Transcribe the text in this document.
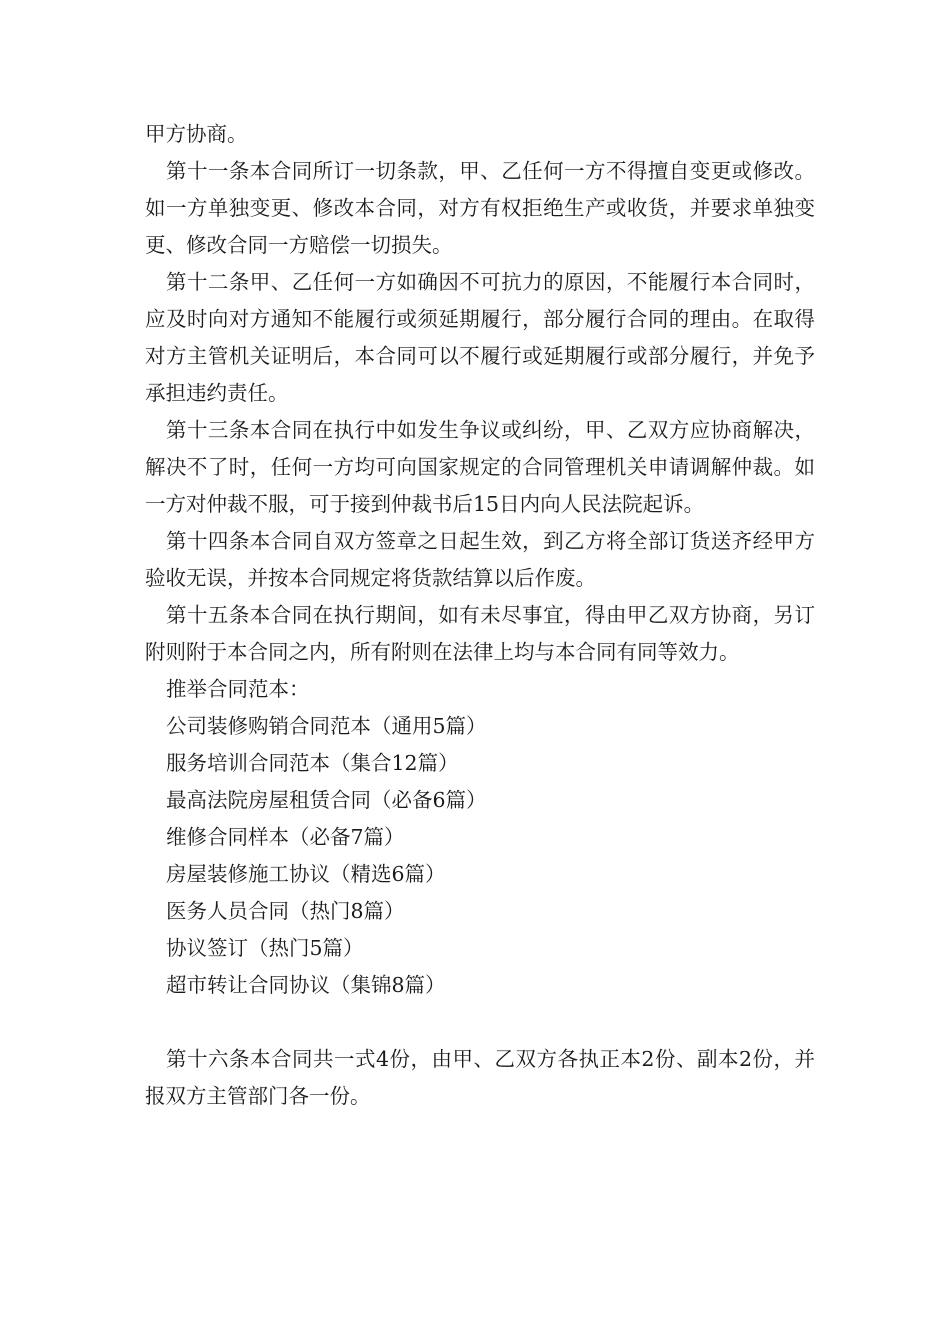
甲方协商。

第十一条本合同所订一切条款，甲、乙任何一方不得擅自变更或修改。如一方单独变更、修改本合同，对方有权拒绝生产或收货，并要求单独变更、修改合同一方赔偿一切损失。

第十二条甲、乙任何一方如确因不可抗力的原因，不能履行本合同时，应及时向对方通知不能履行或须延期履行，部分履行合同的理由。在取得对方主管机关证明后，本合同可以不履行或延期履行或部分履行，并免予承担违约责任。

第十三条本合同在执行中如发生争议或纠纷，甲、乙双方应协商解决，解决不了时，任何一方均可向国家规定的合同管理机关申请调解仲裁。如一方对仲裁不服，可于接到仲裁书后15日内向人民法院起诉。

第十四条本合同自双方签章之日起生效，到乙方将全部订货送齐经甲方验收无误，并按本合同规定将货款结算以后作废。

第十五条本合同在执行期间，如有未尽事宜，得由甲乙双方协商，另订附则附于本合同之内，所有附则在法律上均与本合同有同等效力。

推举合同范本：

公司装修购销合同范本（通用5篇）
服务培训合同范本（集合12篇）
最高法院房屋租赁合同（必备6篇）
维修合同样本（必备7篇）
房屋装修施工协议（精选6篇）
医务人员合同（热门8篇）
协议签订（热门5篇）
超市转让合同协议（集锦8篇）

第十六条本合同共一式4份，由甲、乙双方各执正本2份、副本2份，并报双方主管部门各一份。
